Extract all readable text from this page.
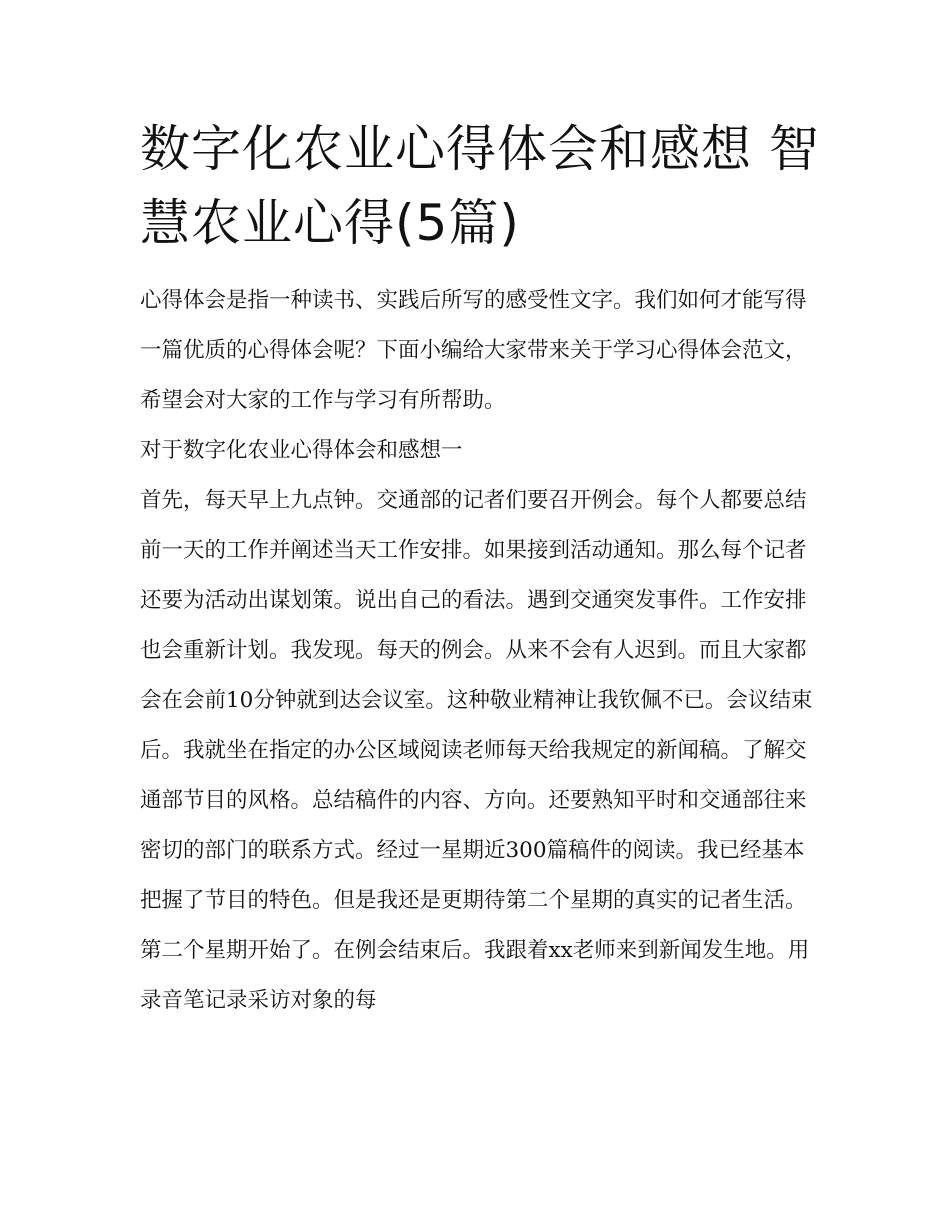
数字化农业心得体会和感想 智慧农业心得(5篇)

心得体会是指一种读书、实践后所写的感受性文字。我们如何才能写得一篇优质的心得体会呢？下面小编给大家带来关于学习心得体会范文，希望会对大家的工作与学习有所帮助。

对于数字化农业心得体会和感想一

首先，每天早上九点钟。交通部的记者们要召开例会。每个人都要总结前一天的工作并阐述当天工作安排。如果接到活动通知。那么每个记者还要为活动出谋划策。说出自己的看法。遇到交通突发事件。工作安排也会重新计划。我发现。每天的例会。从来不会有人迟到。而且大家都会在会前10分钟就到达会议室。这种敬业精神让我钦佩不已。会议结束后。我就坐在指定的办公区域阅读老师每天给我规定的新闻稿。了解交通部节目的风格。总结稿件的内容、方向。还要熟知平时和交通部往来密切的部门的联系方式。经过一星期近300篇稿件的阅读。我已经基本把握了节目的特色。但是我还是更期待第二个星期的真实的记者生活。第二个星期开始了。在例会结束后。我跟着xx老师来到新闻发生地。用录音笔记录采访对象的每
